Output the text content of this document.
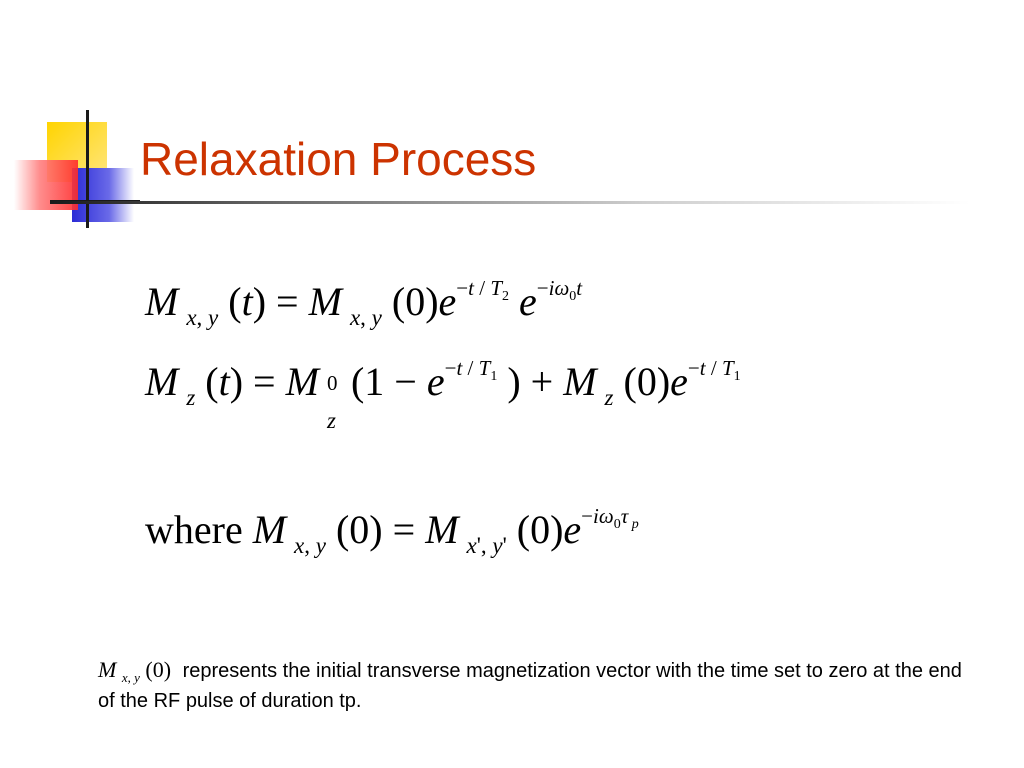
Relaxation Process
M $_{x, y}$ (t) = M $_{x, y}$ $(0)e^{-t / T_2}$ $e^{-i\omega_0t}$
M $_z$ (t) = M 0
z
($1 - e^{-t / T_1}$ ) + M $_z$ $(0)e^{-t / T_1}$
where M $_{x, y}$ (0) = M $_{x', y'}$ $(0)e^{-i\omega_0\tau _p}$
M $_{x, y}$ (0) represents the initial transverse magnetization vector with the time set to zero at the end of the RF pulse of duration tp.
